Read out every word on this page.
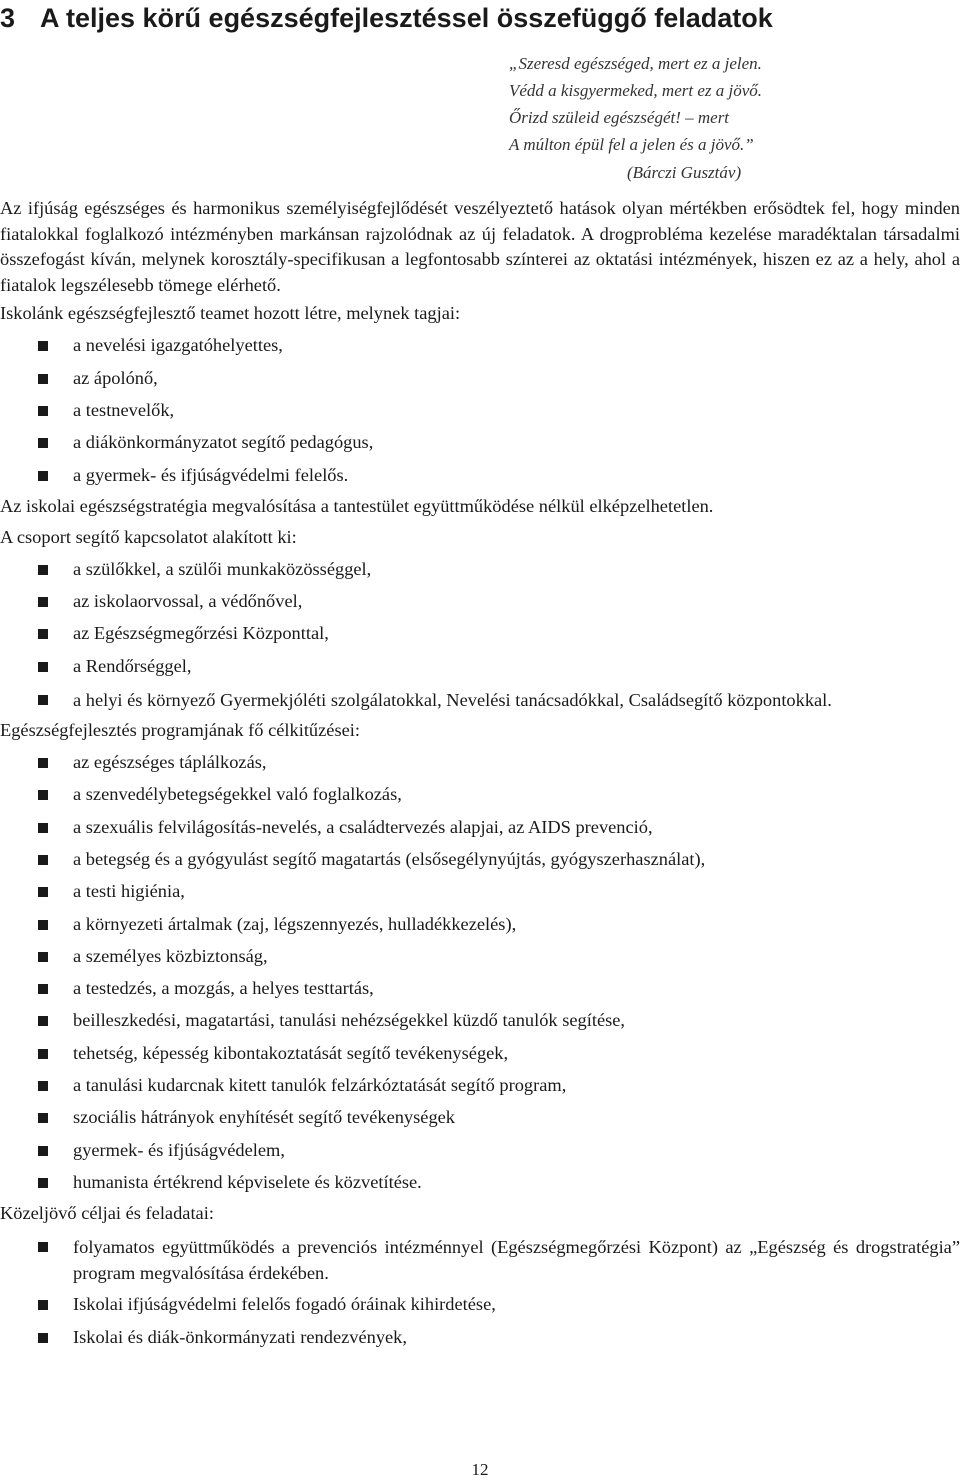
3 A teljes körű egészségfejlesztéssel összefüggő feladatok
„Szeresd egészséged, mert ez a jelen.
Védd a kisgyermeked, mert ez a jövő.
Őrizd szüleid egészségét! – mert
A múlton épül fel a jelen és a jövő.”
(Bárczi Gusztáv)

Az ifjúság egészséges és harmonikus személyiségfejlődését veszélyeztető hatások olyan mértékben erősödtek fel, hogy minden fiatalokkal foglalkozó intézményben markánsan rajzolódnak az új feladatok. A drogprobléma kezelése maradéktalan társadalmi összefogást kíván, melynek korosztály-specifikusan a legfontosabb színterei az oktatási intézmények, hiszen ez az a hely, ahol a fiatalok legszélesebb tömege elérhető.

Iskolánk egészségfejlesztő teamet hozott létre, melynek tagjai:

a nevelési igazgatóhelyettes,
az ápolónő,
a testnevelők,
a diákönkormányzatot segítő pedagógus,
a gyermek- és ifjúságvédelmi felelős.

Az iskolai egészségstratégia megvalósítása a tantestület együttműködése nélkül elképzelhetetlen.

A csoport segítő kapcsolatot alakított ki:

a szülőkkel, a szülői munkaközösséggel,
az iskolaorvossal, a védőnővel,
az Egészségmegőrzési Központtal,
a Rendőrséggel,
a helyi és környező Gyermekjóléti szolgálatokkal, Nevelési tanácsadókkal, Családsegítő központokkal.

Egészségfejlesztés programjának fő célkitűzései:

az egészséges táplálkozás,
a szenvedélybetegségekkel való foglalkozás,
a szexuális felvilágosítás-nevelés, a családtervezés alapjai, az AIDS prevenció,
a betegség és a gyógyulást segítő magatartás (elsősegélynyújtás, gyógyszerhasználat),
a testi higiénia,
a környezeti ártalmak (zaj, légszennyezés, hulladékkezelés),
a személyes közbiztonság,
a testedzés, a mozgás, a helyes testtartás,
beilleszkedési, magatartási, tanulási nehézségekkel küzdő tanulók segítése,
tehetség, képesség kibontakoztatását segítő tevékenységek,
a tanulási kudarcnak kitett tanulók felzárkóztatását segítő program,
szociális hátrányok enyhítését segítő tevékenységek
gyermek- és ifjúságvédelem,
humanista értékrend képviselete és közvetítése.

Közeljövő céljai és feladatai:

folyamatos együttműködés a prevenciós intézménnyel (Egészségmegőrzési Központ) az „Egészség és drogstratégia” program megvalósítása érdekében.
Iskolai ifjúságvédelmi felelős fogadó óráinak kihirdetése,
Iskolai és diák-önkormányzati rendezvények,
12
